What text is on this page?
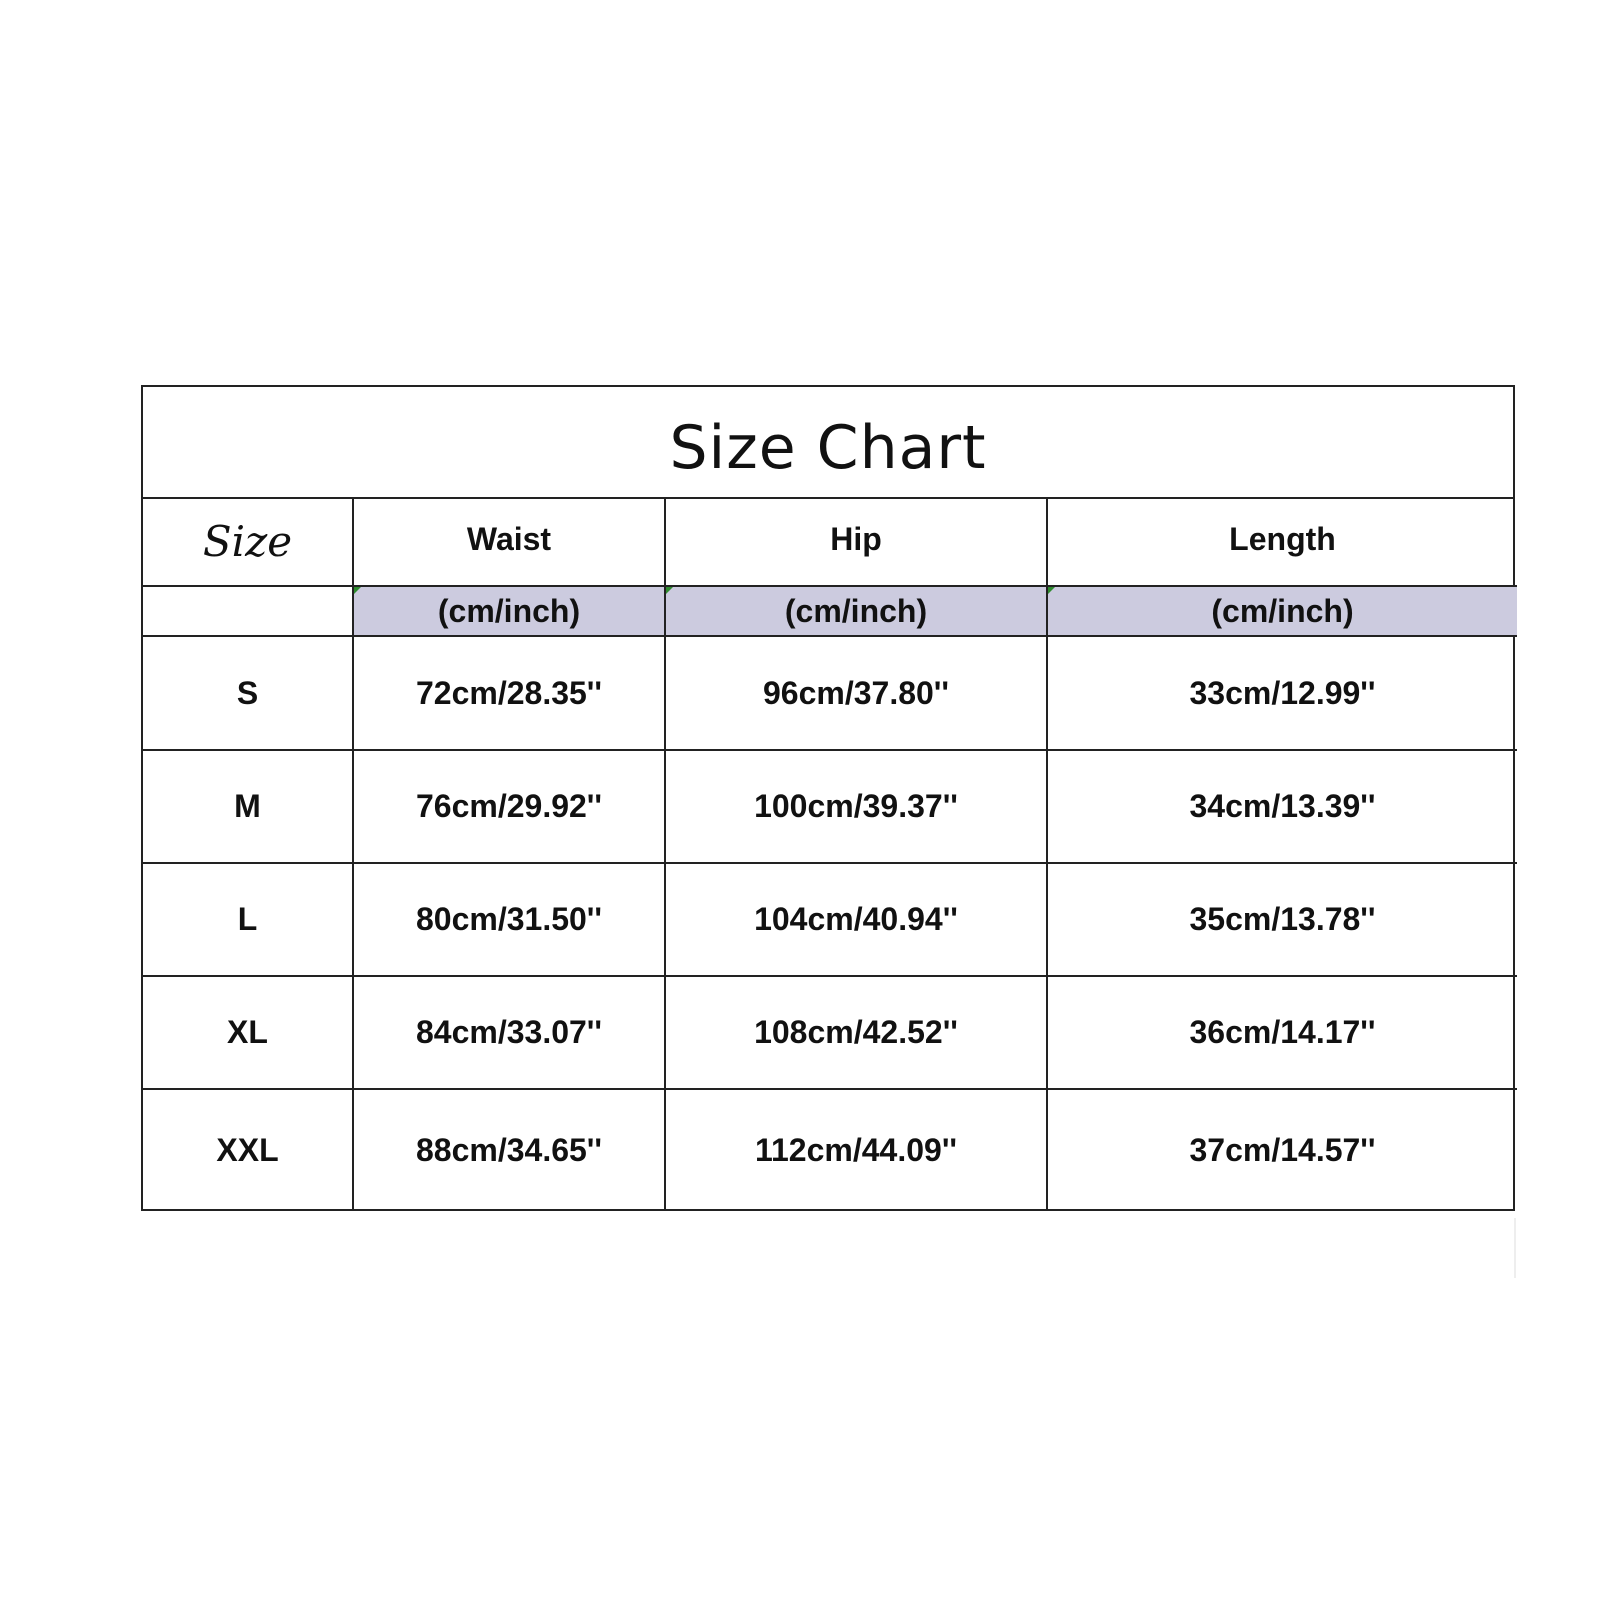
Size Chart
Size	Waist	Hip	Length
	(cm/inch)	(cm/inch)	(cm/inch)
S	72cm/28.35''	96cm/37.80''	33cm/12.99''
M	76cm/29.92''	100cm/39.37''	34cm/13.39''
L	80cm/31.50''	104cm/40.94''	35cm/13.78''
XL	84cm/33.07''	108cm/42.52''	36cm/14.17''
XXL	88cm/34.65''	112cm/44.09''	37cm/14.57''
